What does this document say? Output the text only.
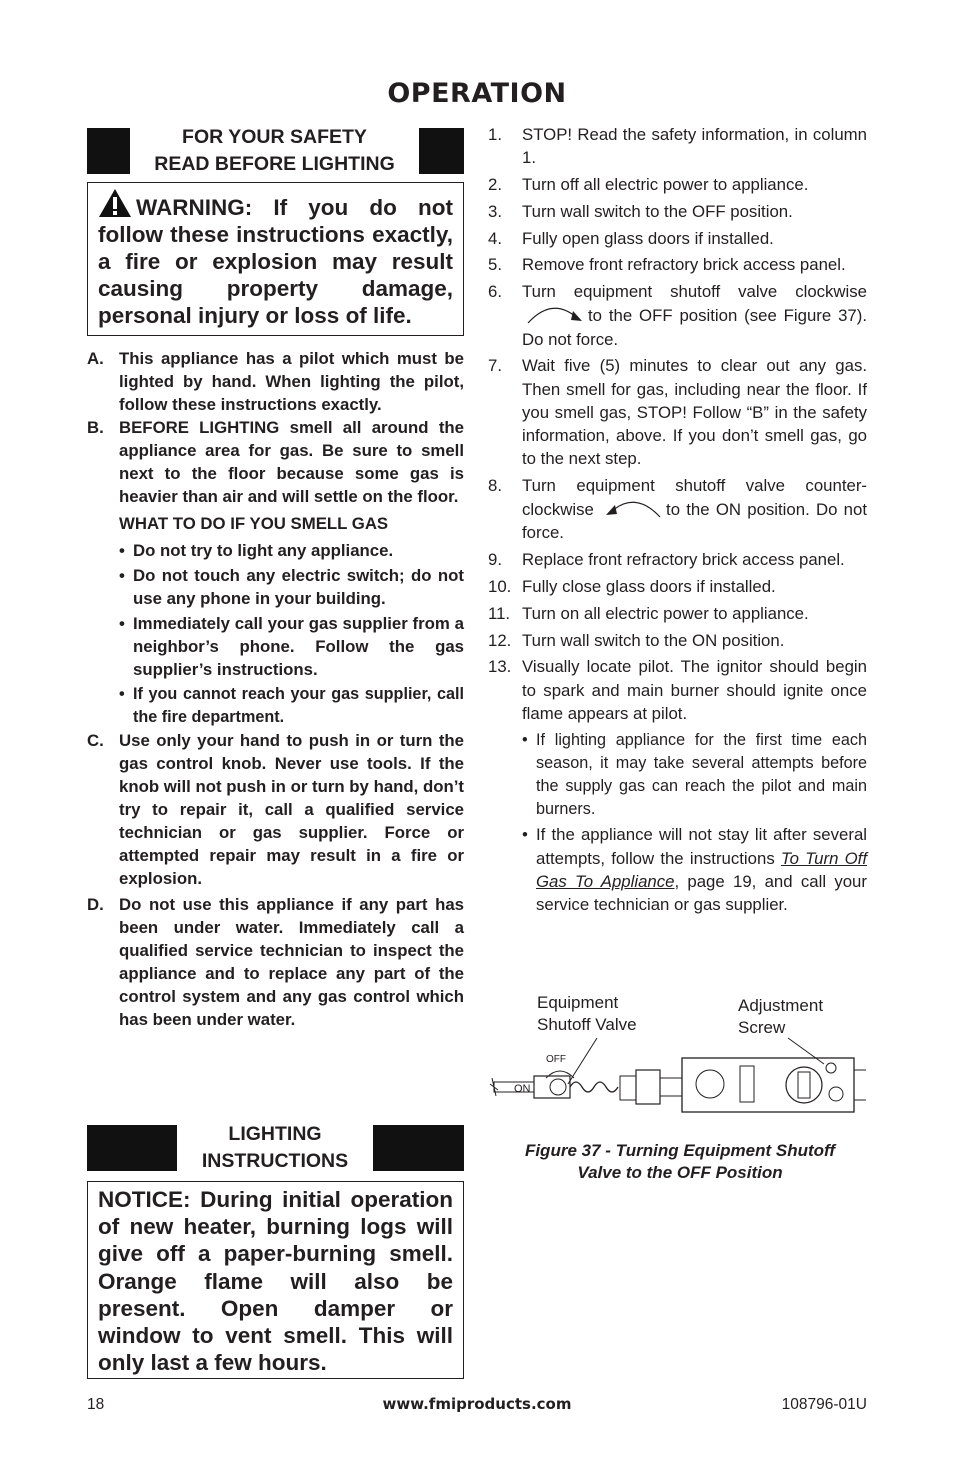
OPERATION
FOR YOUR SAFETY
READ BEFORE LIGHTING
WARNING: If you do not follow these instructions exactly, a fire or explosion may result causing property damage, personal injury or loss of life.
A. This appliance has a pilot which must be lighted by hand. When lighting the pilot, follow these instructions exactly.
B. BEFORE LIGHTING smell all around the appliance area for gas. Be sure to smell next to the floor because some gas is heavier than air and will settle on the floor.
WHAT TO DO IF YOU SMELL GAS
• Do not try to light any appliance.
• Do not touch any electric switch; do not use any phone in your building.
• Immediately call your gas supplier from a neighbor’s phone. Follow the gas supplier’s instructions.
• If you cannot reach your gas supplier, call the fire department.
C. Use only your hand to push in or turn the gas control knob. Never use tools. If the knob will not push in or turn by hand, don’t try to repair it, call a qualified service technician or gas supplier. Force or attempted repair may result in a fire or explosion.
D. Do not use this appliance if any part has been under water. Immediately call a qualified service technician to inspect the appliance and to replace any part of the control system and any gas control which has been under water.
LIGHTING
INSTRUCTIONS
NOTICE: During initial operation of new heater, burning logs will give off a paper-burning smell. Orange flame will also be present. Open damper or window to vent smell. This will only last a few hours.
1.	STOP! Read the safety information, in column 1.
2.	Turn off all electric power to appliance.
3.	Turn wall switch to the OFF position.
4.	Fully open glass doors if installed.
5.	Remove front refractory brick access panel.
6.	Turn equipment shutoff valve clockwise to the OFF position (see Figure 37). Do not force.
7.	Wait five (5) minutes to clear out any gas. Then smell for gas, including near the floor. If you smell gas, STOP! Follow “B” in the safety information, above. If you don’t smell gas, go to the next step.
8.	Turn equipment shutoff valve counter-clockwise	to the ON position. Do not force.
9.	Replace front refractory brick access panel.
10. Fully close glass doors if installed.
11. Turn on all electric power to appliance.
12. Turn wall switch to the ON position.
13. Visually locate pilot. The ignitor should begin to spark and main burner should ignite once flame appears at pilot.
• If lighting appliance for the first time each season, it may take several attempts before the supply gas can reach the pilot and main burners.
• If the appliance will not stay lit after several attempts, follow the instructions To Turn Off Gas To Appliance, page 19, and call your service technician or gas supplier.
Equipment
Shutoff Valve
Adjustment
Screw
OFF
ON
Figure 37 - Turning Equipment Shutoff
Valve to the OFF Position
18	www.fmiproducts.com	108796-01U
